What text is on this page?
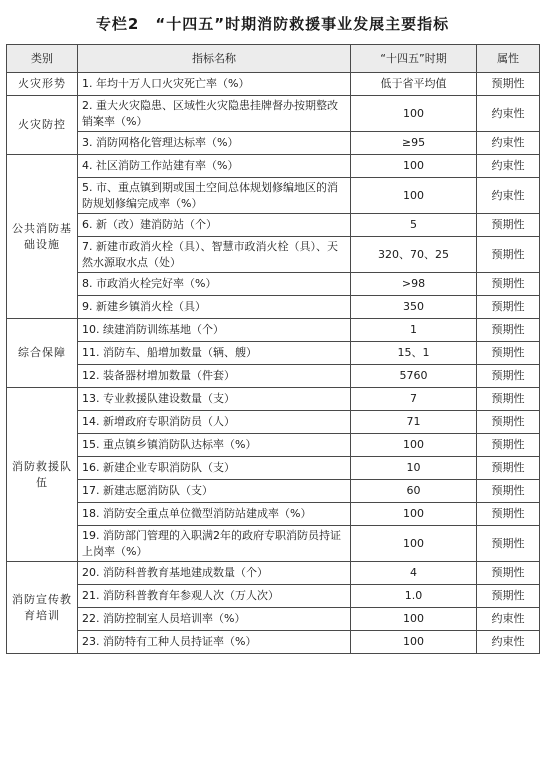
专栏2　“十四五”时期消防救援事业发展主要指标
类别	指标名称	“十四五”时期	属性
火灾形势	1. 年均十万人口火灾死亡率（%）	低于省平均值	预期性
火灾防控	2. 重大火灾隐患、区域性火灾隐患挂牌督办按期整改销案率（%）	100	约束性
	3. 消防网格化管理达标率（%）	≥95	约束性
公共消防基础设施	4. 社区消防工作站建有率（%）	100	约束性
	5. 市、重点镇到期或国土空间总体规划修编地区的消防规划修编完成率（%）	100	约束性
	6. 新（改）建消防站（个）	5	预期性
	7. 新建市政消火栓（具）、智慧市政消火栓（具）、天然水源取水点（处）	320、70、25	预期性
	8. 市政消火栓完好率（%）	>98	预期性
	9. 新建乡镇消火栓（具）	350	预期性
综合保障	10. 续建消防训练基地（个）	1	预期性
	11. 消防车、船增加数量（辆、艘）	15、1	预期性
	12. 装备器材增加数量（件套）	5760	预期性
消防救援队伍	13. 专业救援队建设数量（支）	7	预期性
	14. 新增政府专职消防员（人）	71	预期性
	15. 重点镇乡镇消防队达标率（%）	100	预期性
	16. 新建企业专职消防队（支）	10	预期性
	17. 新建志愿消防队（支）	60	预期性
	18. 消防安全重点单位微型消防站建成率（%）	100	预期性
	19. 消防部门管理的入职满2年的政府专职消防员持证上岗率（%）	100	预期性
消防宣传教育培训	20. 消防科普教育基地建成数量（个）	4	预期性
	21. 消防科普教育年参观人次（万人次）	1.0	预期性
	22. 消防控制室人员培训率（%）	100	约束性
	23. 消防特有工种人员持证率（%）	100	约束性
